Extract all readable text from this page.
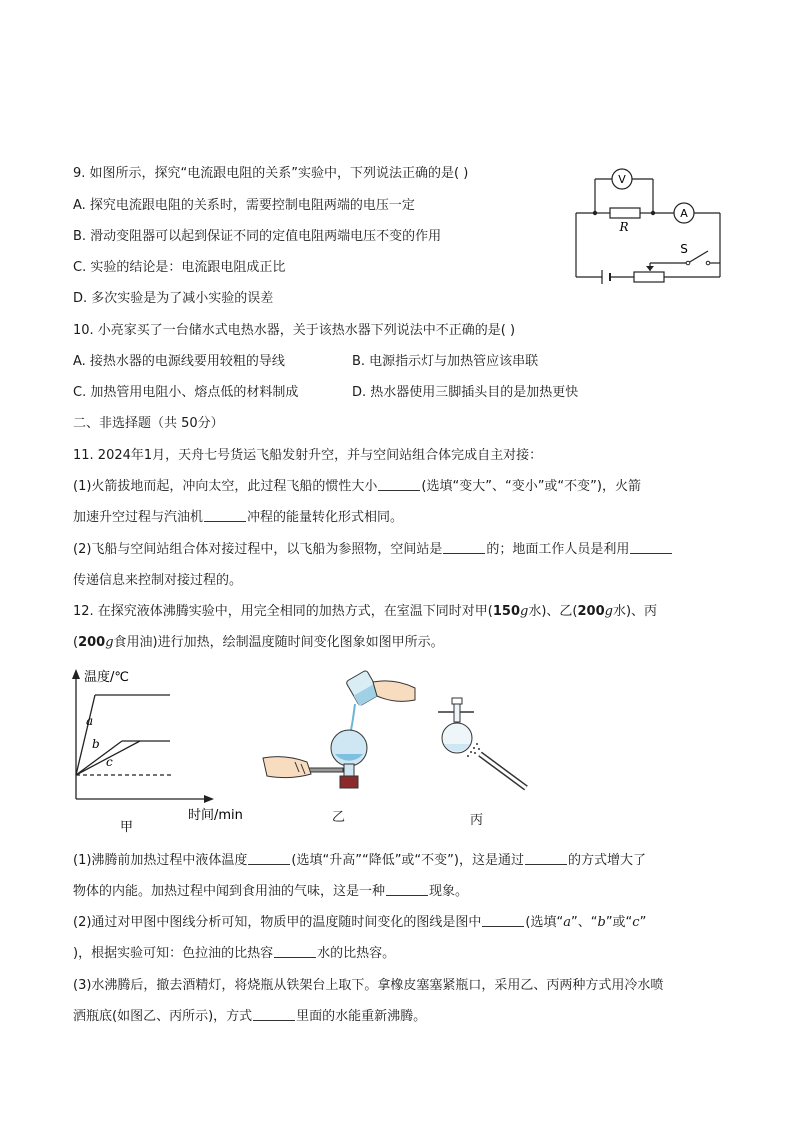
9. 如图所示，探究“电流跟电阻的关系”实验中，下列说法正确的是( )
A. 探究电流跟电阻的关系时，需要控制电阻两端的电压一定
B. 滑动变阻器可以起到保证不同的定值电阻两端电压不变的作用
C. 实验的结论是：电流跟电阻成正比
D. 多次实验是为了减小实验的误差
V
A
R
S
10. 小亮家买了一台储水式电热水器，关于该热水器下列说法中不正确的是( )
A. 接热水器的电源线要用较粗的导线	B. 电源指示灯与加热管应该串联
C. 加热管用电阻小、熔点低的材料制成	D. 热水器使用三脚插头目的是加热更快
二、非选择题（共 50分）
11. 2024年1月，天舟七号货运飞船发射升空，并与空间站组合体完成自主对接：
(1)火箭拔地而起，冲向太空，此过程飞船的惯性大小	(选填“变大”、“变小”或“不变”)，火箭
加速升空过程与汽油机	冲程的能量转化形式相同。
(2)飞船与空间站组合体对接过程中，以飞船为参照物，空间站是	的；地面工作人员是利用
传递信息来控制对接过程的。
12. 在探究液体沸腾实验中，用完全相同的加热方式，在室温下同时对甲(150g水)、乙(200g水)、丙
(200g食用油)进行加热，绘制温度随时间变化图象如图甲所示。
温度/℃
a
b
c
时间/min
甲
乙	丙
(1)沸腾前加热过程中液体温度	(选填“升高”“降低”或“不变”)，这是通过	的方式增大了
物体的内能。加热过程中闻到食用油的气味，这是一种	现象。
(2)通过对甲图中图线分析可知，物质甲的温度随时间变化的图线是图中	(选填“a”、“b”或“c”
)，根据实验可知：色拉油的比热容	水的比热容。
(3)水沸腾后，撤去酒精灯，将烧瓶从铁架台上取下。拿橡皮塞塞紧瓶口，采用乙、丙两种方式用冷水喷
洒瓶底(如图乙、丙所示)，方式	里面的水能重新沸腾。
